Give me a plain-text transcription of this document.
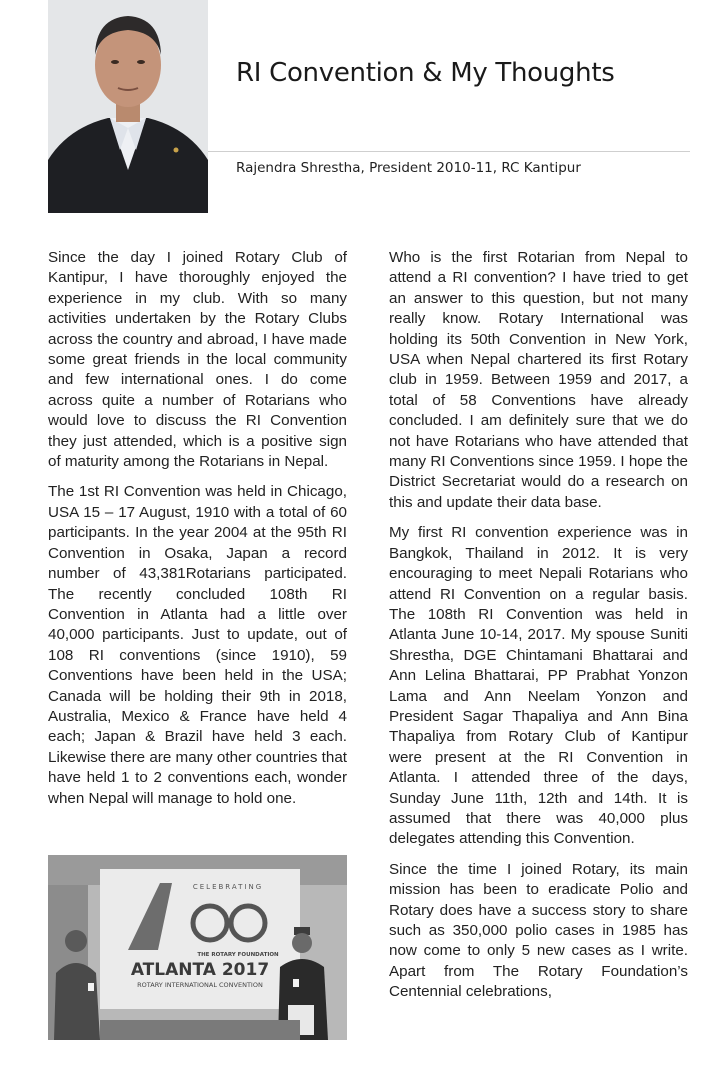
RI Convention & My Thoughts
Rajendra Shrestha, President 2010-11, RC Kantipur

Since the day I joined Rotary Club of Kantipur, I have thoroughly enjoyed the experience in my club. With so many activities undertaken by the Rotary Clubs across the country and abroad, I have made some great friends in the local community and few international ones. I do come across quite a number of Rotarians who would love to discuss the RI Convention they just attended, which is a positive sign of maturity among the Rotarians in Nepal.

The 1st RI Convention was held in Chicago, USA 15 – 17 August, 1910 with a total of 60 participants. In the year 2004 at the 95th RI Convention in Osaka, Japan a record number of 43,381Rotarians participated. The recently concluded 108th RI Convention in Atlanta had a little over 40,000 participants. Just to update, out of 108 RI conventions (since 1910), 59 Conventions have been held in the USA; Canada will be holding their 9th in 2018, Australia, Mexico & France have held 4 each; Japan & Brazil have held 3 each. Likewise there are many other countries that have held 1 to 2 conventions each, wonder when Nepal will manage to hold one.

Who is the first Rotarian from Nepal to attend a RI convention? I have tried to get an answer to this question, but not many really know. Rotary International was holding its 50th Convention in New York, USA when Nepal chartered its first Rotary club in 1959. Between 1959 and 2017, a total of 58 Conventions have already concluded. I am definitely sure that we do not have Rotarians who have attended that many RI Conventions since 1959. I hope the District Secretariat would do a research on this and update their data base.

My first RI convention experience was in Bangkok, Thailand in 2012. It is very encouraging to meet Nepali Rotarians who attend RI Convention on a regular basis. The 108th RI Convention was held in Atlanta June 10-14, 2017. My spouse Suniti Shrestha, DGE Chintamani Bhattarai and Ann Lelina Bhattarai, PP Prabhat Yonzon Lama and Ann Neelam Yonzon and President Sagar Thapaliya and Ann Bina Thapaliya from Rotary Club of Kantipur were present at the RI Convention in Atlanta. I attended three of the days, Sunday June 11th, 12th and 14th. It is assumed that there was 40,000 plus delegates attending this Convention.

Since the time I joined Rotary, its main mission has been to eradicate Polio and Rotary does have a success story to share such as 350,000 polio cases in 1985 has now come to only 5 new cases as I write. Apart from The Rotary Foundation’s Centennial celebrations,

CELEBRATING
THE ROTARY FOUNDATION
ATLANTA 2017
ROTARY INTERNATIONAL CONVENTION
